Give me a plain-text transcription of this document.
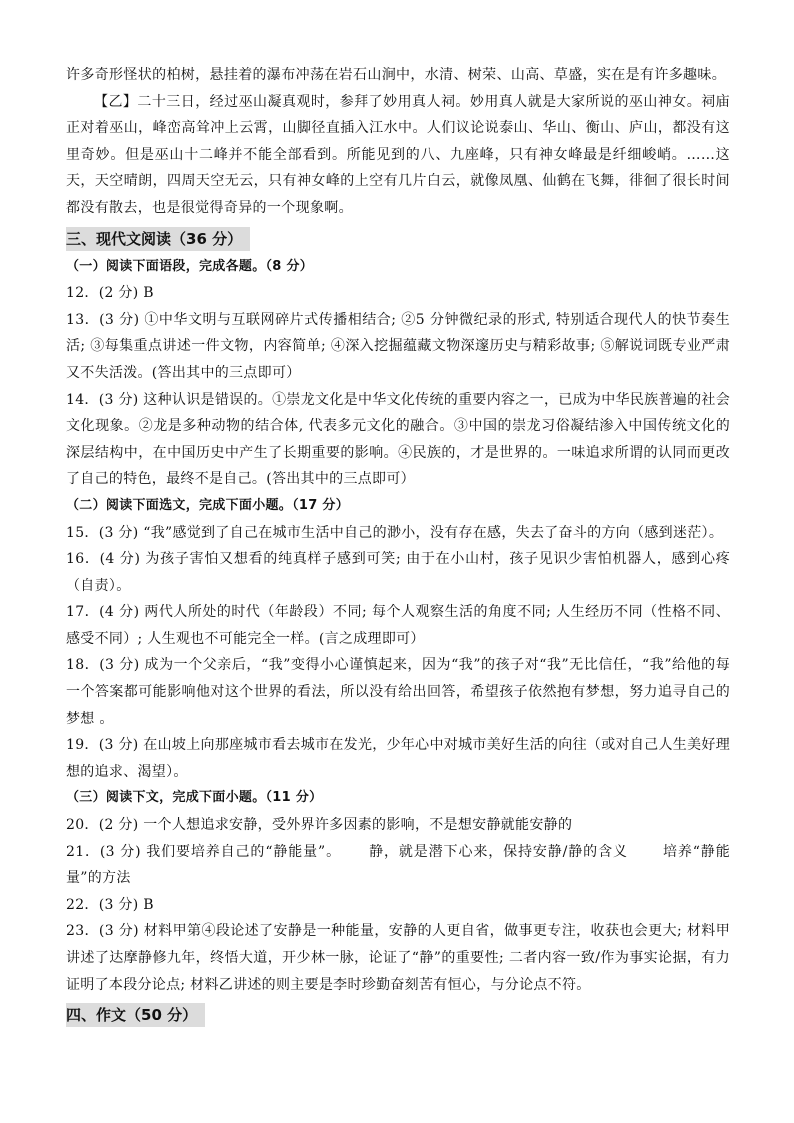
许多奇形怪状的柏树，悬挂着的瀑布冲荡在岩石山涧中，水清、树荣、山高、草盛，实在是有许多趣味。

【乙】二十三日，经过巫山凝真观时，参拜了妙用真人祠。妙用真人就是大家所说的巫山神女。祠庙正对着巫山，峰峦高耸冲上云霄，山脚径直插入江水中。人们议论说泰山、华山、衡山、庐山，都没有这里奇妙。但是巫山十二峰并不能全部看到。所能见到的八、九座峰，只有神女峰最是纤细峻峭。……这天，天空晴朗，四周天空无云，只有神女峰的上空有几片白云，就像凤凰、仙鹤在飞舞，徘徊了很长时间都没有散去，也是很觉得奇异的一个现象啊。

三、现代文阅读（36 分）

（一）阅读下面语段，完成各题。（8 分）

12．(2 分) B

13．(3 分) ①中华文明与互联网碎片式传播相结合; ②5 分钟微纪录的形式, 特别适合现代人的快节奏生活; ③每集重点讲述一件文物，内容简单; ④深入挖掘蕴藏文物深邃历史与精彩故事; ⑤解说词既专业严肃又不失活泼。(答出其中的三点即可）

14．(3 分) 这种认识是错误的。①崇龙文化是中华文化传统的重要内容之一，已成为中华民族普遍的社会文化现象。②龙是多种动物的结合体, 代表多元文化的融合。③中国的崇龙习俗凝结渗入中国传统文化的深层结构中，在中国历史中产生了长期重要的影响。④民族的，才是世界的。一味追求所谓的认同而更改了自己的特色，最终不是自己。(答出其中的三点即可）

（二）阅读下面选文，完成下面小题。（17 分）

15．(3 分) “我”感觉到了自己在城市生活中自己的渺小，没有存在感，失去了奋斗的方向（感到迷茫）。

16．(4 分) 为孩子害怕又想看的纯真样子感到可笑; 由于在小山村，孩子见识少害怕机器人，感到心疼（自责）。

17．(4 分) 两代人所处的时代（年龄段）不同; 每个人观察生活的角度不同; 人生经历不同（性格不同、感受不同）; 人生观也不可能完全一样。(言之成理即可）

18．(3 分) 成为一个父亲后，“我”变得小心谨慎起来，因为“我”的孩子对“我”无比信任，“我”给他的每一个答案都可能影响他对这个世界的看法，所以没有给出回答，希望孩子依然抱有梦想，努力追寻自己的梦想 。

19．(3 分) 在山坡上向那座城市看去城市在发光，少年心中对城市美好生活的向往（或对自己人生美好理想的追求、渴望）。

（三）阅读下文，完成下面小题。（11 分）

20．(2 分) 一个人想追求安静，受外界许多因素的影响，不是想安静就能安静的

21．(3 分) 我们要培养自己的“静能量”。　　 静，就是潜下心来，保持安静/静的含义　　 培养“静能量”的方法

22．(3 分) B

23．(3 分) 材料甲第④段论述了安静是一种能量，安静的人更自省，做事更专注，收获也会更大; 材料甲讲述了达摩静修九年，终悟大道，开少林一脉，论证了“静”的重要性; 二者内容一致/作为事实论据，有力证明了本段分论点; 材料乙讲述的则主要是李时珍勤奋刻苦有恒心，与分论点不符。

四、作文（50 分）
